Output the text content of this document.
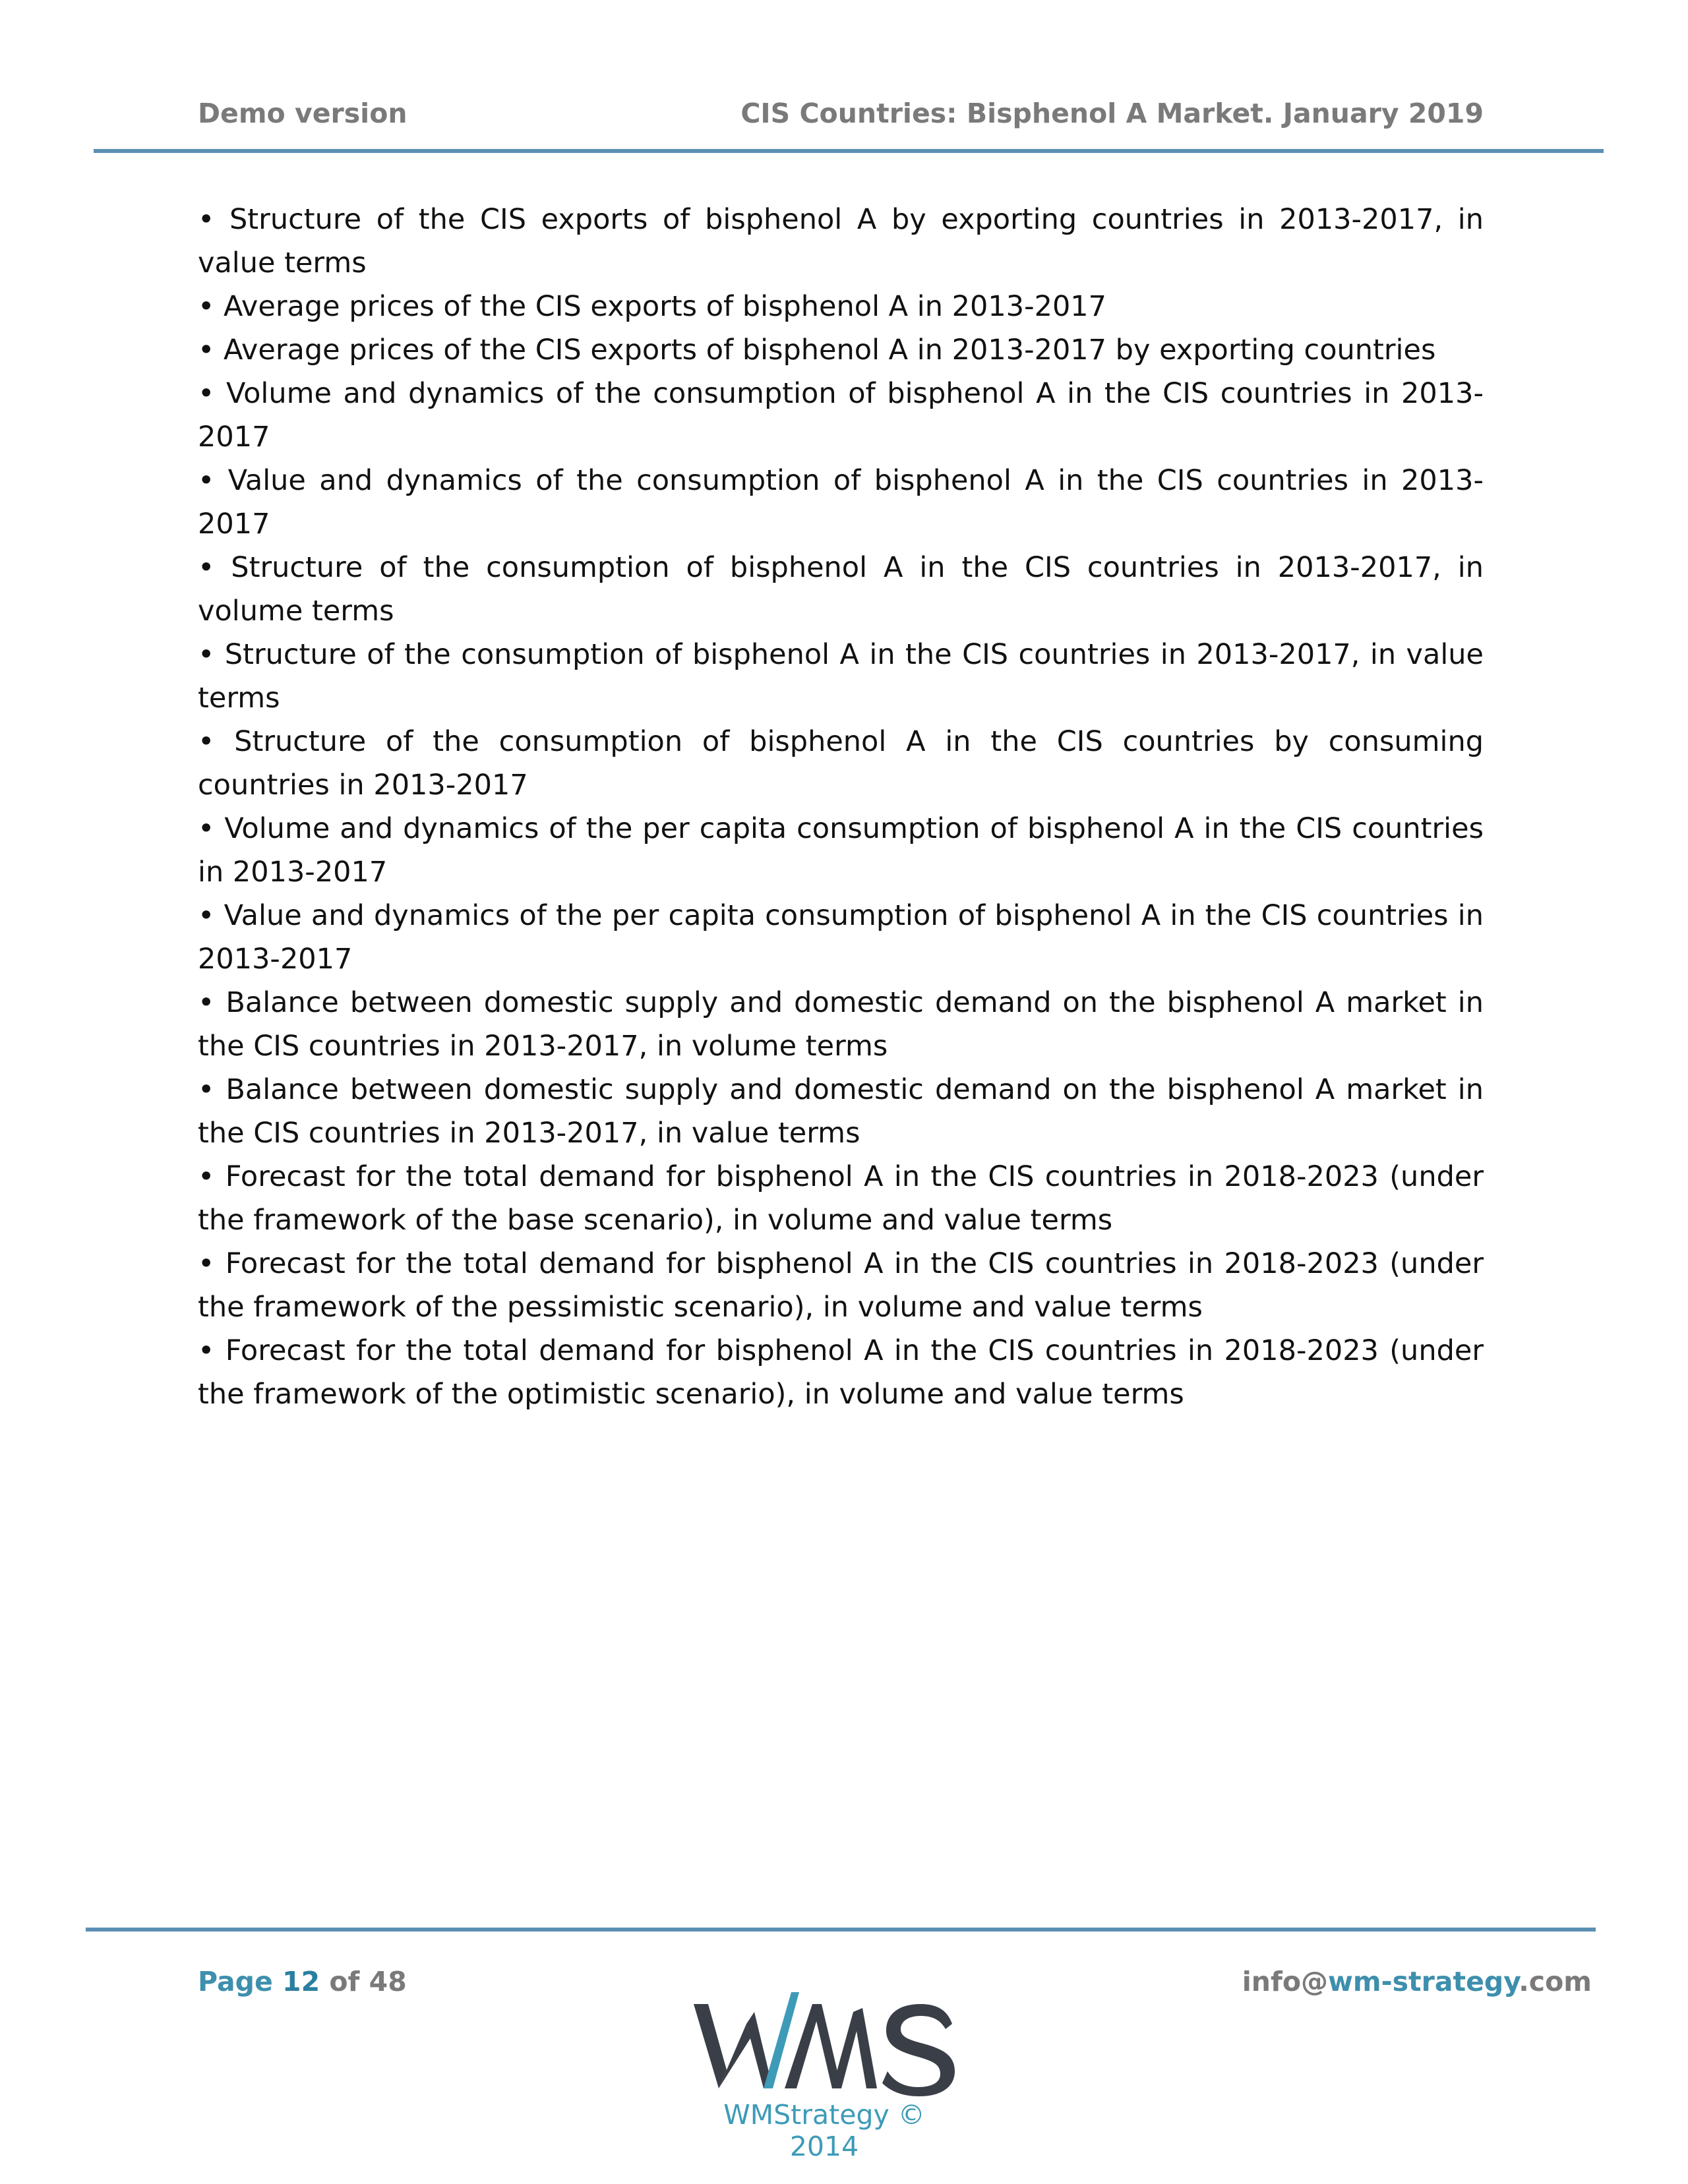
Demo version	CIS Countries: Bisphenol A Market. January 2019
• Structure of the CIS exports of bisphenol A by exporting countries in 2013-2017, in value terms
• Average prices of the CIS exports of bisphenol A in 2013-2017
• Average prices of the CIS exports of bisphenol A in 2013-2017 by exporting countries
• Volume and dynamics of the consumption of bisphenol A in the CIS countries in 2013-2017
• Value and dynamics of the consumption of bisphenol A in the CIS countries in 2013-2017
• Structure of the consumption of bisphenol A in the CIS countries in 2013-2017, in volume terms
• Structure of the consumption of bisphenol A in the CIS countries in 2013-2017, in value terms
• Structure of the consumption of bisphenol A in the CIS countries by consuming countries in 2013-2017
• Volume and dynamics of the per capita consumption of bisphenol A in the CIS countries in 2013-2017
• Value and dynamics of the per capita consumption of bisphenol A in the CIS countries in 2013-2017
• Balance between domestic supply and domestic demand on the bisphenol A market in the CIS countries in 2013-2017, in volume terms
• Balance between domestic supply and domestic demand on the bisphenol A market in the CIS countries in 2013-2017, in value terms
• Forecast for the total demand for bisphenol A in the CIS countries in 2018-2023 (under the framework of the base scenario), in volume and value terms
• Forecast for the total demand for bisphenol A in the CIS countries in 2018-2023 (under the framework of the pessimistic scenario), in volume and value terms
• Forecast for the total demand for bisphenol A in the CIS countries in 2018-2023 (under the framework of the optimistic scenario), in volume and value terms
Page 12 of 48	info@wm-strategy.com
WMStrategy © 2014
